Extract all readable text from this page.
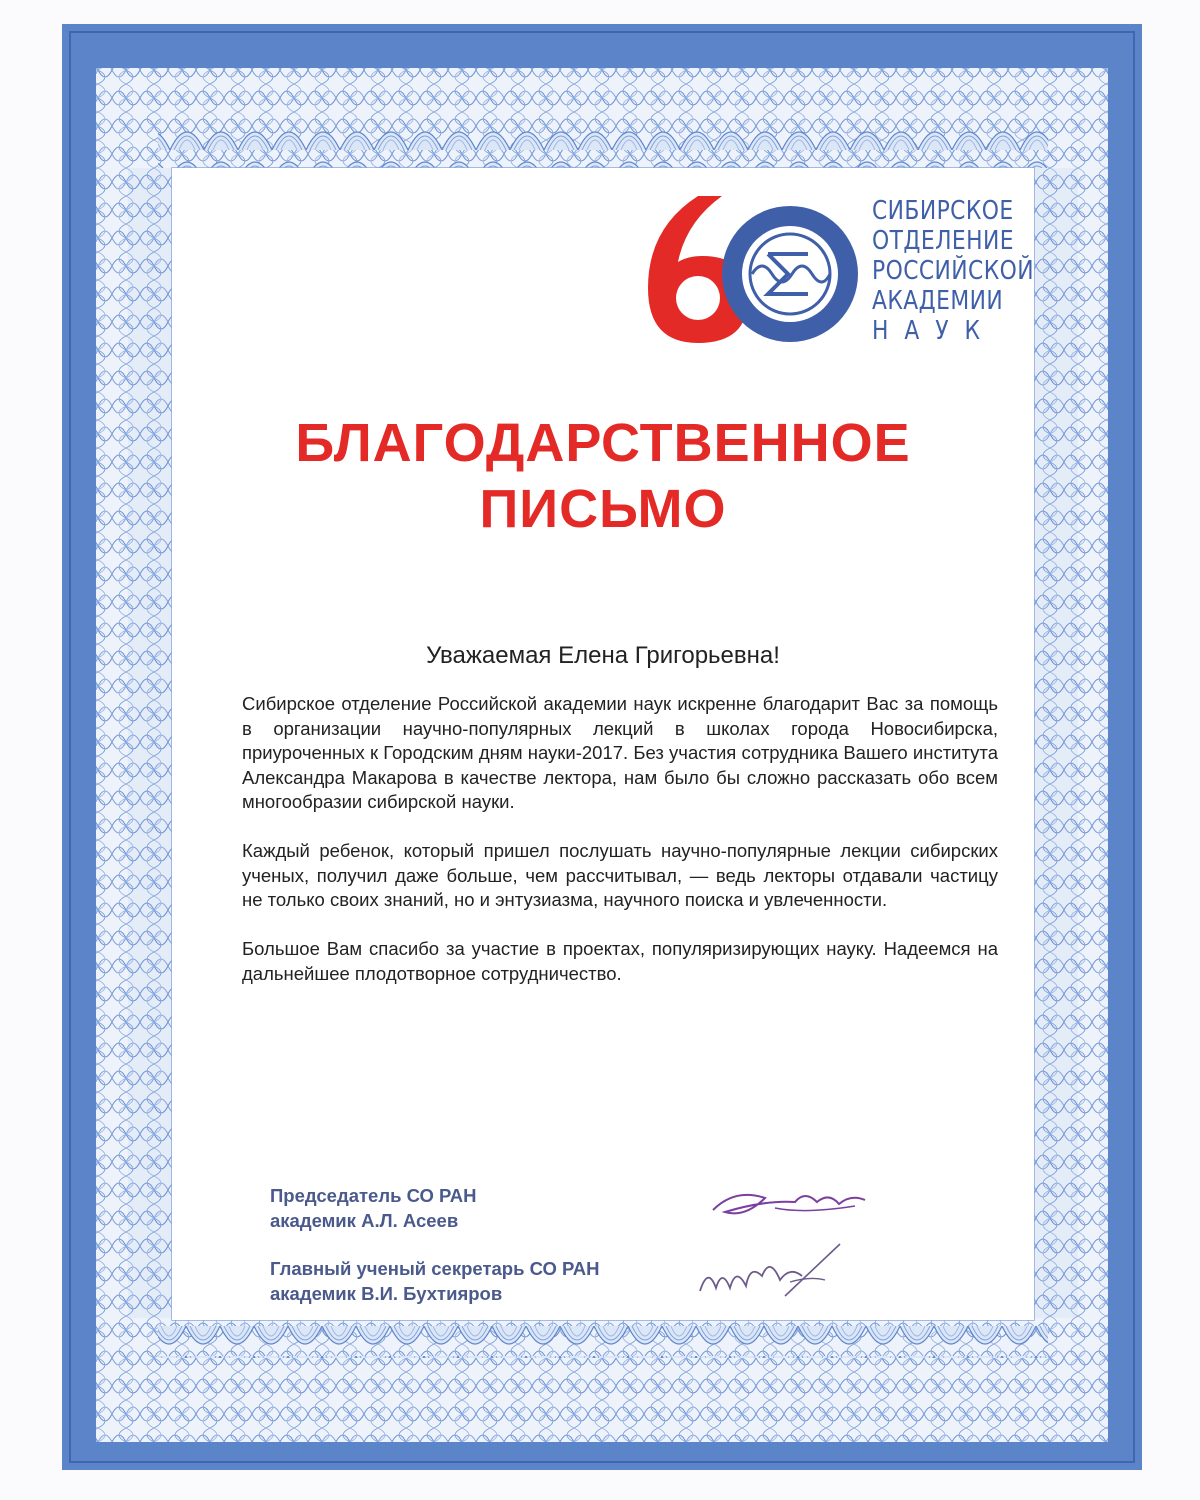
СИБИРСКОЕ
ОТДЕЛЕНИЕ
РОССИЙСКОЙ
АКАДЕМИИ
НАУК
БЛАГОДАРСТВЕННОЕ
ПИСЬМО
Уважаемая Елена Григорьевна!

Сибирское отделение Российской академии наук искренне благодарит Вас за помощь в организации научно-популярных лекций в школах города Новосибирска, приуроченных к Городским дням науки-2017. Без участия сотрудника Вашего института Александра Макарова в качестве лектора, нам было бы сложно рассказать обо всем многообразии сибирской науки.

Каждый ребенок, который пришел послушать научно-популярные лекции сибирских ученых, получил даже больше, чем рассчитывал, — ведь лекторы отдавали частицу не только своих знаний, но и энтузиазма, научного поиска и увлеченности.

Большое Вам спасибо за участие в проектах, популяризирующих науку. Надеемся на дальнейшее плодотворное сотрудничество.

Председатель СО РАН
академик А.Л. Асеев
Главный ученый секретарь СО РАН
академик В.И. Бухтияров
